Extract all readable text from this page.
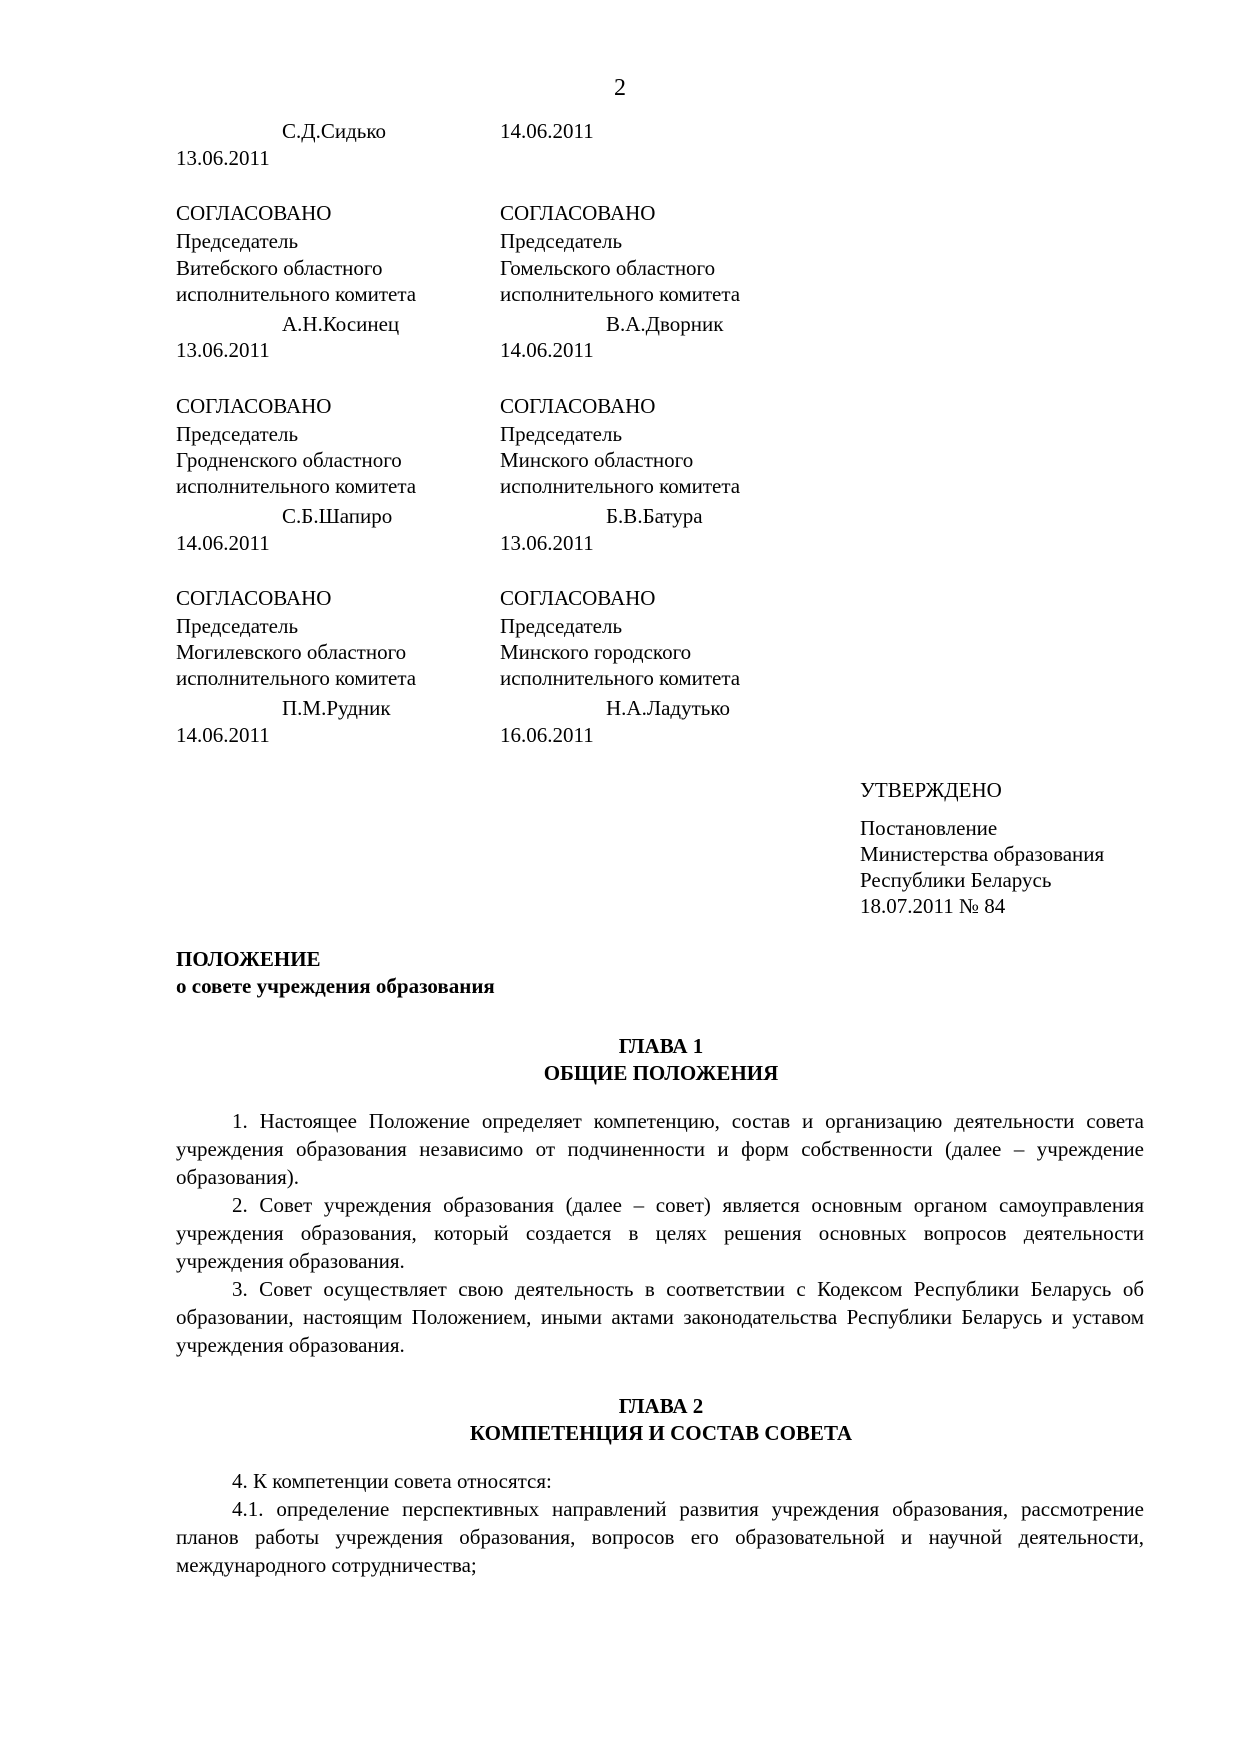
2
С.Д.Сидько	14.06.2011
13.06.2011
СОГЛАСОВАНО
Председатель
Витебского областного
исполнительного комитета
А.Н.Косинец
13.06.2011
СОГЛАСОВАНО
Председатель
Гомельского областного
исполнительного комитета
В.А.Дворник
14.06.2011
СОГЛАСОВАНО
Председатель
Гродненского областного
исполнительного комитета
С.Б.Шапиро
14.06.2011
СОГЛАСОВАНО
Председатель
Минского областного
исполнительного комитета
Б.В.Батура
13.06.2011
СОГЛАСОВАНО
Председатель
Могилевского областного
исполнительного комитета
П.М.Рудник
14.06.2011
СОГЛАСОВАНО
Председатель
Минского городского
исполнительного комитета
Н.А.Ладутько
16.06.2011
УТВЕРЖДЕНО
Постановление
Министерства образования
Республики Беларусь
18.07.2011 № 84
ПОЛОЖЕНИЕ
о совете учреждения образования
ГЛАВА 1
ОБЩИЕ ПОЛОЖЕНИЯ
1. Настоящее Положение определяет компетенцию, состав и организацию деятельности совета учреждения образования независимо от подчиненности и форм собственности (далее – учреждение образования).
2. Совет учреждения образования (далее – совет) является основным органом самоуправления учреждения образования, который создается в целях решения основных вопросов деятельности учреждения образования.
3. Совет осуществляет свою деятельность в соответствии с Кодексом Республики Беларусь об образовании, настоящим Положением, иными актами законодательства Республики Беларусь и уставом учреждения образования.
ГЛАВА 2
КОМПЕТЕНЦИЯ И СОСТАВ СОВЕТА
4. К компетенции совета относятся:
4.1. определение перспективных направлений развития учреждения образования, рассмотрение планов работы учреждения образования, вопросов его образовательной и научной деятельности, международного сотрудничества;
